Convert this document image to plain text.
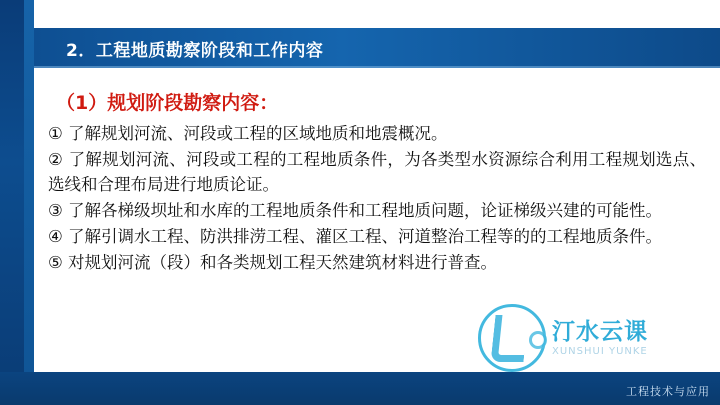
2．工程地质勘察阶段和工作内容
（1）规划阶段勘察内容：

① 了解规划河流、河段或工程的区域地质和地震概况。

② 了解规划河流、河段或工程的工程地质条件，为各类型水资源综合利用工程规划选点、选线和合理布局进行地质论证。

③ 了解各梯级坝址和水库的工程地质条件和工程地质问题，论证梯级兴建的可能性。

④ 了解引调水工程、防洪排涝工程、灌区工程、河道整治工程等的的工程地质条件。

⑤ 对规划河流（段）和各类规划工程天然建筑材料进行普查。

汀水云课
XUNSHUI YUNKE
工程技术与应用
